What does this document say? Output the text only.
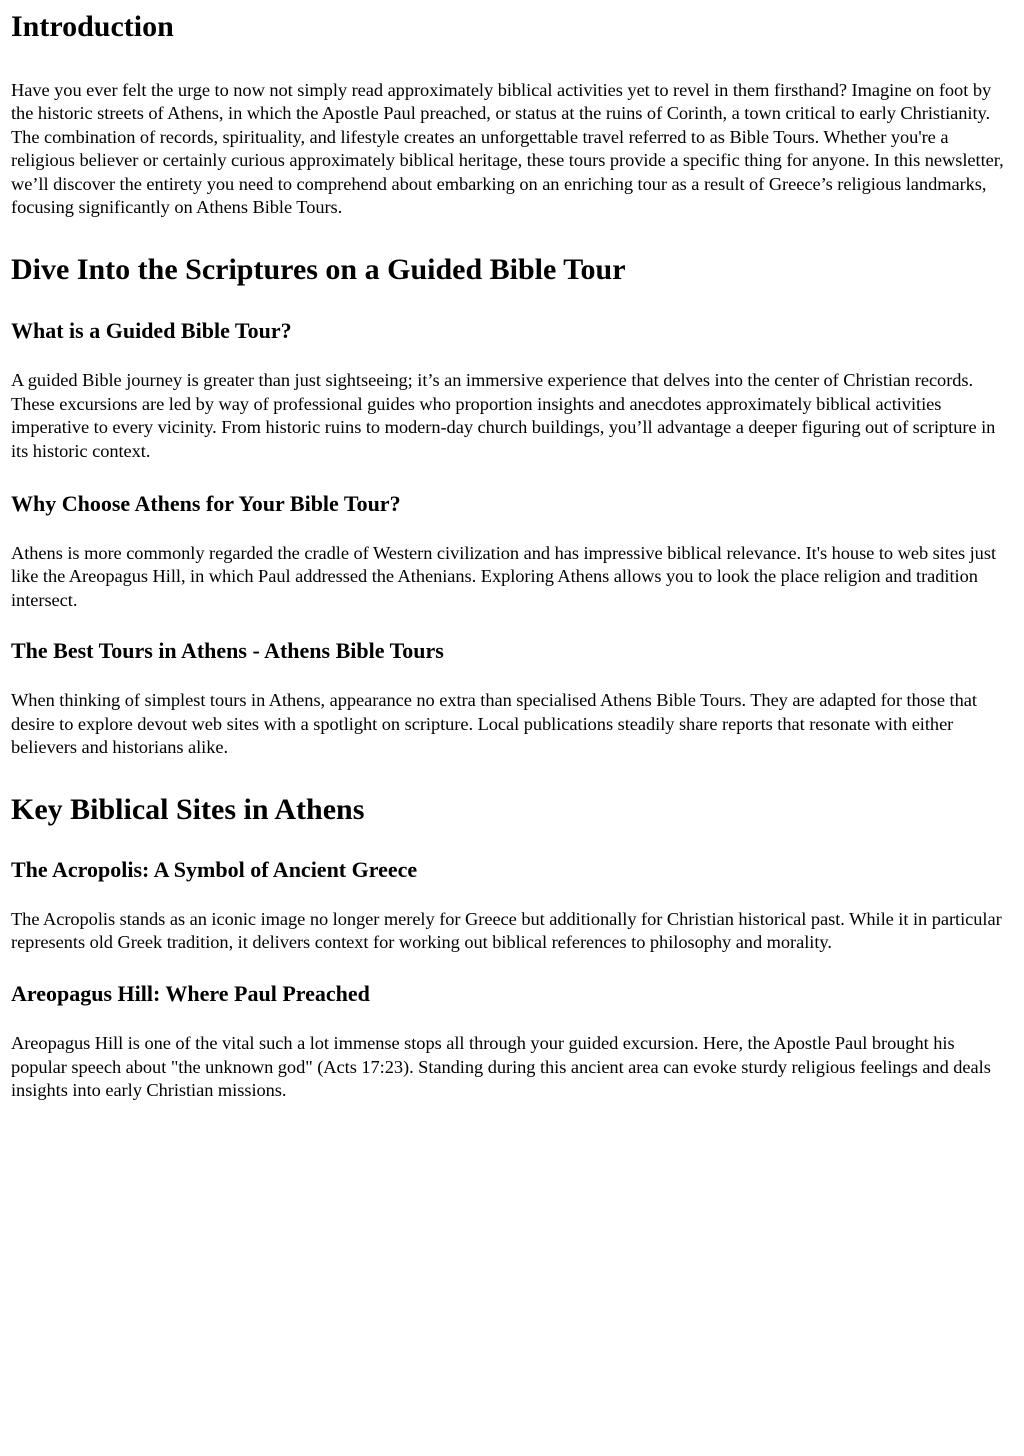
Introduction

Have you ever felt the urge to now not simply read approximately biblical activities yet to revel in them firsthand? Imagine on foot by the historic streets of Athens, in which the Apostle Paul preached, or status at the ruins of Corinth, a town critical to early Christianity. The combination of records, spirituality, and lifestyle creates an unforgettable travel referred to as Bible Tours. Whether you're a religious believer or certainly curious approximately biblical heritage, these tours provide a specific thing for anyone. In this newsletter, we’ll discover the entirety you need to comprehend about embarking on an enriching tour as a result of Greece’s religious landmarks, focusing significantly on Athens Bible Tours.

Dive Into the Scriptures on a Guided Bible Tour
What is a Guided Bible Tour?

A guided Bible journey is greater than just sightseeing; it’s an immersive experience that delves into the center of Christian records. These excursions are led by way of professional guides who proportion insights and anecdotes approximately biblical activities imperative to every vicinity. From historic ruins to modern-day church buildings, you’ll advantage a deeper figuring out of scripture in its historic context.

Why Choose Athens for Your Bible Tour?

Athens is more commonly regarded the cradle of Western civilization and has impressive biblical relevance. It's house to web sites just like the Areopagus Hill, in which Paul addressed the Athenians. Exploring Athens allows you to look the place religion and tradition intersect.

The Best Tours in Athens - Athens Bible Tours

When thinking of simplest tours in Athens, appearance no extra than specialised Athens Bible Tours. They are adapted for those that desire to explore devout web sites with a spotlight on scripture. Local publications steadily share reports that resonate with either believers and historians alike.

Key Biblical Sites in Athens
The Acropolis: A Symbol of Ancient Greece

The Acropolis stands as an iconic image no longer merely for Greece but additionally for Christian historical past. While it in particular represents old Greek tradition, it delivers context for working out biblical references to philosophy and morality.

Areopagus Hill: Where Paul Preached

Areopagus Hill is one of the vital such a lot immense stops all through your guided excursion. Here, the Apostle Paul brought his popular speech about "the unknown god" (Acts 17:23). Standing during this ancient area can evoke sturdy religious feelings and deals insights into early Christian missions.
